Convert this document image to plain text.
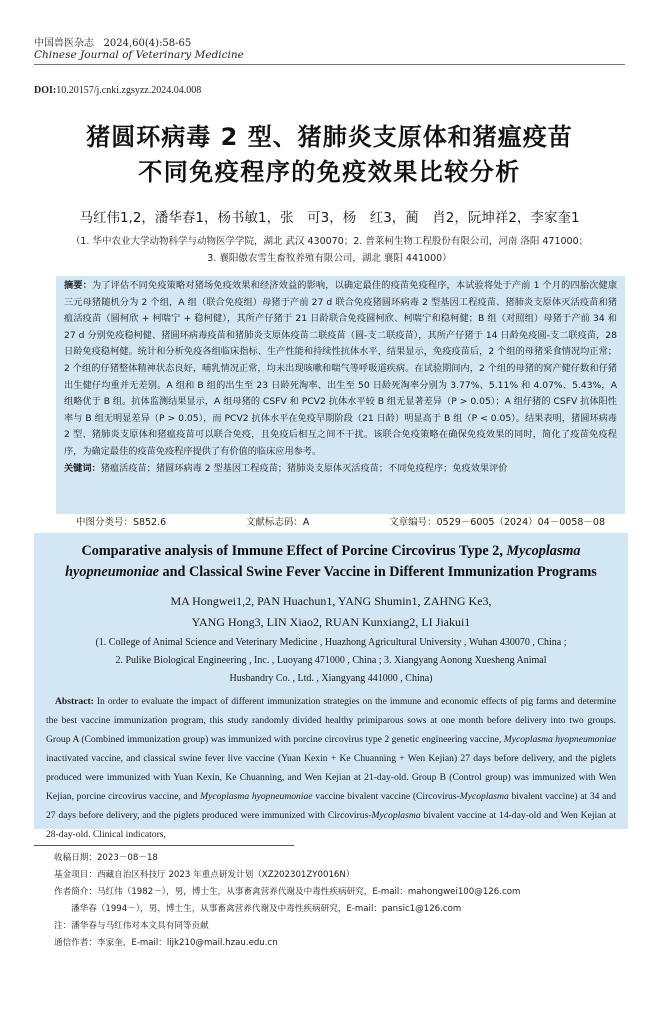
中国兽医杂志 2024,60(4):58-65
Chinese Journal of Veterinary Medicine
DOI:10.20157/j.cnki.zgsyzz.2024.04.008
猪圆环病毒 2 型、猪肺炎支原体和猪瘟疫苗
不同免疫程序的免疫效果比较分析
马红伟1,2，潘华春1，杨书敏1，张　可3，杨　红3，蔺　肖2，阮坤祥2，李家奎1
（1. 华中农业大学动物科学与动物医学学院，湖北 武汉 430070；2. 普莱柯生物工程股份有限公司，河南 洛阳 471000；
3. 襄阳傲农雪生畜牧养殖有限公司，湖北 襄阳 441000）

摘要：为了评估不同免疫策略对猪场免疫效果和经济效益的影响，以确定最佳的疫苗免疫程序，本试验将处于产前 1 个月的四胎次健康三元母猪随机分为 2 个组，A 组（联合免疫组）母猪于产前 27 d 联合免疫猪圆环病毒 2 型基因工程疫苗、猪肺炎支原体灭活疫苗和猪瘟活疫苗（圆柯欣 + 柯喘宁 + 稳柯健），其所产仔猪于 21 日龄联合免疫圆柯欣、柯喘宁和稳柯健；B 组（对照组）母猪于产前 34 和 27 d 分别免疫稳柯健、猪圆环病毒疫苗和猪肺炎支原体疫苗二联疫苗（圆-支二联疫苗），其所产仔猪于 14 日龄免疫圆-支二联疫苗，28 日龄免疫稳柯健。统计和分析免疫各组临床指标、生产性能和持续性抗体水平，结果显示，免疫疫苗后，2 个组的母猪采食情况均正常；2 个组的仔猪整体精神状态良好，哺乳情况正常，均未出现咳嗽和喘气等呼吸道疾病。在试验期间内，2 个组的母猪的窝产健仔数和仔猪出生健仔均重并无差别。A 组和 B 组的出生至 23 日龄死淘率、出生至 50 日龄死淘率分别为 3.77%、5.11% 和 4.07%、5.43%，A 组略优于 B 组。抗体监测结果显示，A 组母猪的 CSFV 和 PCV2 抗体水平较 B 组无显著差异（P > 0.05）；A 组仔猪的 CSFV 抗体阳性率与 B 组无明显差异（P > 0.05），而 PCV2 抗体水平在免疫早期阶段（21 日龄）明显高于 B 组（P < 0.05）。结果表明，猪圆环病毒 2 型、猪肺炎支原体和猪瘟疫苗可以联合免疫，且免疫后相互之间不干扰。该联合免疫策略在确保免疫效果的同时，简化了疫苗免疫程序，为确定最佳的疫苗免疫程序提供了有价值的临床应用参考。

关键词：猪瘟活疫苗；猪圆环病毒 2 型基因工程疫苗；猪肺炎支原体灭活疫苗；不同免疫程序；免疫效果评价

中图分类号：S852.6	文献标志码：A	文章编号：0529－6005（2024）04－0058－08
Comparative analysis of Immune Effect of Porcine Circovirus Type 2, Mycoplasma
hyopneumoniae and Classical Swine Fever Vaccine in Different Immunization Programs
MA Hongwei1,2, PAN Huachun1, YANG Shumin1, ZAHNG Ke3,
YANG Hong3, LIN Xiao2, RUAN Kunxiang2, LI Jiakui1
(1. College of Animal Science and Veterinary Medicine , Huazhong Agricultural University , Wuhan 430070 , China ;
2. Pulike Biological Engineering , Inc. , Luoyang 471000 , China ; 3. Xiangyang Aonong Xuesheng Animal
Husbandry Co. , Ltd. , Xiangyang 441000 , China)
Abstract: In order to evaluate the impact of different immunization strategies on the immune and economic effects of pig farms and determine the best vaccine immunization program, this study randomly divided healthy primiparous sows at one month before delivery into two groups. Group A (Combined immunization group) was immunized with porcine circovirus type 2 genetic engineering vaccine, Mycoplasma hyopneumoniae inactivated vaccine, and classical swine fever live vaccine (Yuan Kexin + Ke Chuanning + Wen Kejian) 27 days before delivery, and the piglets produced were immunized with Yuan Kexin, Ke Chuanning, and Wen Kejian at 21-day-old. Group B (Control group) was immunized with Wen Kejian, porcine circovirus vaccine, and Mycoplasma hyopneumoniae vaccine bivalent vaccine (Circovirus-Mycoplasma bivalent vaccine) at 34 and 27 days before delivery, and the piglets produced were immunized with Circovirus-Mycoplasma bivalent vaccine at 14-day-old and Wen Kejian at 28-day-old. Clinical indicators,
收稿日期：2023－08－18
基金项目：西藏自治区科技厅 2023 年重点研发计划（XZ202301ZY0016N）
作者简介：马红伟（1982－），男，博士生，从事畜禽营养代谢及中毒性疾病研究，E-mail：mahongwei100@126.com
潘华春（1994－），男，博士生，从事畜禽营养代谢及中毒性疾病研究，E-mail：pansic1@126.com
注：潘华春与马红伟对本文具有同等贡献
通信作者：李家奎，E-mail：lijk210@mail.hzau.edu.cn
